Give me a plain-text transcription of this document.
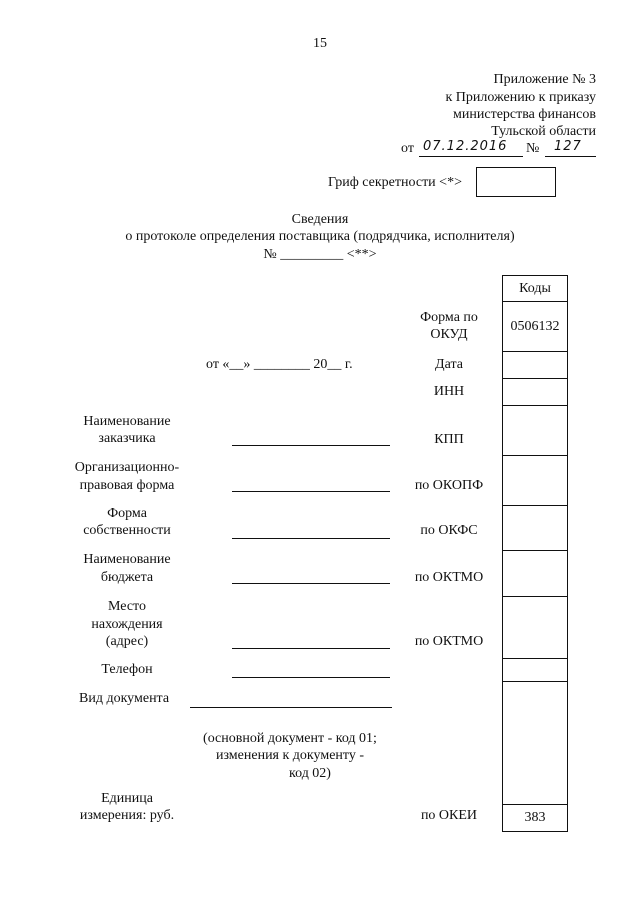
15
Приложение № 3
к Приложению к приказу
министерства финансов
Тульской области
от 07.12.2016 № 127
Гриф секретности <*>
Сведения
о протоколе определения поставщика (подрядчика, исполнителя)
№ _________ <**>
Коды
0506132
383
Форма по
ОКУД
Дата
ИНН
КПП
по ОКОПФ
по ОКФС
по ОКТМО
по ОКТМО
по ОКЕИ
от «__» ________ 20__ г.
Наименование
заказчика
Организационно-
правовая форма
Форма
собственности
Наименование
бюджета
Место
нахождения
(адрес)
Телефон
Вид документа
(основной документ - код 01;
изменения к документу -
код 02)
Единица
измерения: руб.
